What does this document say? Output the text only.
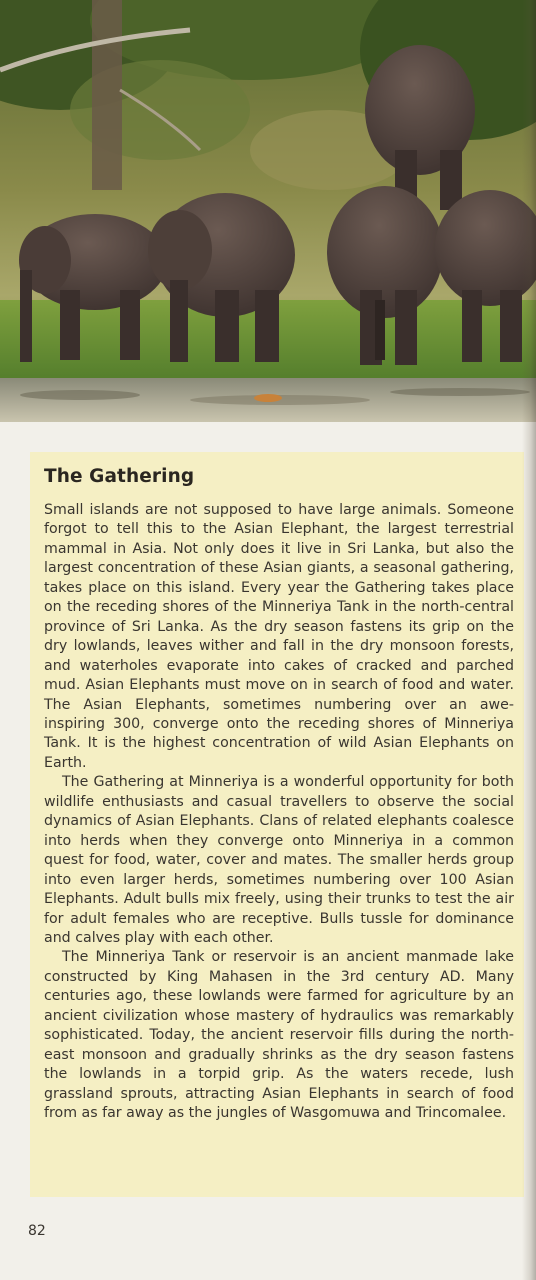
The Gathering

Small islands are not supposed to have large animals. Someone forgot to tell this to the Asian Elephant, the largest terrestrial mammal in Asia. Not only does it live in Sri Lanka, but also the largest concentration of these Asian giants, a seasonal gathering, takes place on this island. Every year the Gathering takes place on the receding shores of the Minneriya Tank in the north-central province of Sri Lanka. As the dry season fastens its grip on the dry lowlands, leaves wither and fall in the dry monsoon forests, and waterholes evaporate into cakes of cracked and parched mud. Asian Elephants must move on in search of food and water. The Asian Elephants, sometimes numbering over an awe-inspiring 300, converge onto the receding shores of Minneriya Tank. It is the highest concentration of wild Asian Elephants on Earth.

The Gathering at Minneriya is a wonderful opportunity for both wildlife enthusiasts and casual travellers to observe the social dynamics of Asian Elephants. Clans of related elephants coalesce into herds when they converge onto Minneriya in a common quest for food, water, cover and mates. The smaller herds group into even larger herds, sometimes numbering over 100 Asian Elephants. Adult bulls mix freely, using their trunks to test the air for adult females who are receptive. Bulls tussle for dominance and calves play with each other.

The Minneriya Tank or reservoir is an ancient manmade lake constructed by King Mahasen in the 3rd century AD. Many centuries ago, these lowlands were farmed for agriculture by an ancient civilization whose mastery of hydraulics was remarkably sophisticated. Today, the ancient reservoir fills during the north-east monsoon and gradually shrinks as the dry season fastens the lowlands in a torpid grip. As the waters recede, lush grassland sprouts, attracting Asian Elephants in search of food from as far away as the jungles of Wasgomuwa and Trincomalee.

82
